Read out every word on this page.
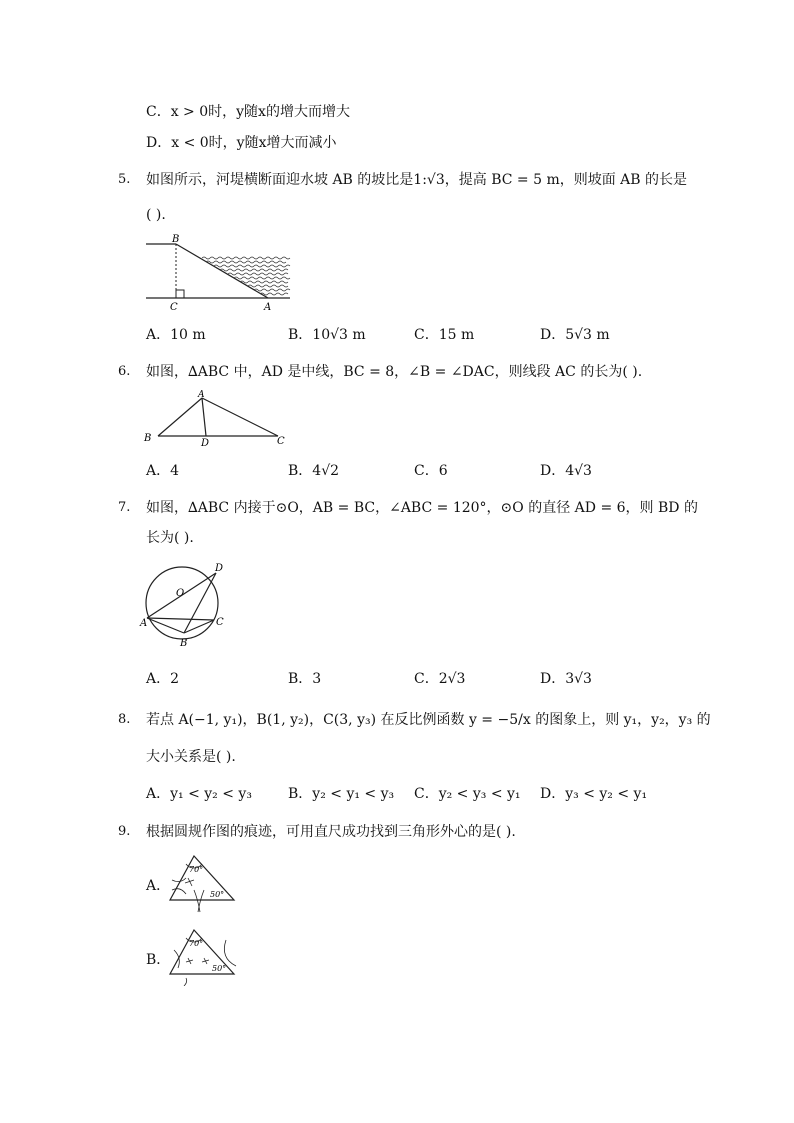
C．x > 0时，y随x的增大而增大
D．x < 0时，y随x增大而减小
5. 如图所示，河堤横断面迎水坡 AB 的坡比是1:√3，提高 BC = 5 m，则坡面 AB 的长是
( ).
B
C	A
A．10 m	B．10√3 m	C．15 m	D．5√3 m
6. 如图，∆ABC 中，AD 是中线，BC = 8，∠B = ∠DAC，则线段 AC 的长为( ).
A
B	C
D
A．4	B．4√2	C．6	D．4√3
7. 如图，∆ABC 内接于⊙O，AB = BC，∠ABC = 120°，⊙O 的直径 AD = 6，则 BD 的
长为( ).
O
D
A
B
C
A．2	B．3	C．2√3	D．3√3
8. 若点 A(−1, y₁)，B(1, y₂)，C(3, y₃) 在反比例函数 y = −5/x 的图象上，则 y₁，y₂，y₃ 的
大小关系是( ).
A．y₁ < y₂ < y₃	B．y₂ < y₁ < y₃ C．y₂ < y₃ < y₁ D．y₃ < y₂ < y₁
9. 根据圆规作图的痕迹，可用直尺成功找到三角形外心的是( ).
A．
70°
50°
B．
70°
50°
